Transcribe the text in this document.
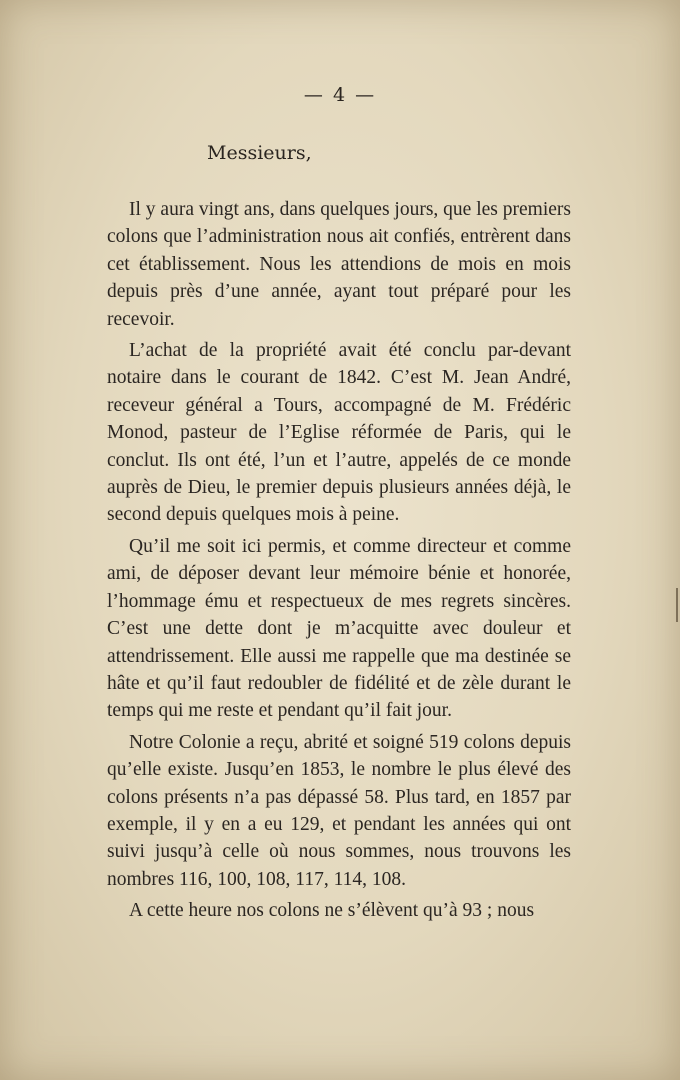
— 4 —
Messieurs,

Il y aura vingt ans, dans quelques jours, que les premiers colons que l’administration nous ait confiés, entrèrent dans cet établissement. Nous les attendions de mois en mois depuis près d’une année, ayant tout préparé pour les recevoir.

L’achat de la propriété avait été conclu par-devant notaire dans le courant de 1842. C’est M. Jean André, receveur général a Tours, accompagné de M. Frédéric Monod, pasteur de l’Eglise réformée de Paris, qui le conclut. Ils ont été, l’un et l’autre, appelés de ce monde auprès de Dieu, le premier depuis plusieurs années déjà, le second depuis quelques mois à peine.

Qu’il me soit ici permis, et comme directeur et comme ami, de déposer devant leur mémoire bénie et honorée, l’hommage ému et respectueux de mes regrets sincères. C’est une dette dont je m’acquitte avec douleur et attendrissement. Elle aussi me rappelle que ma destinée se hâte et qu’il faut redoubler de fidélité et de zèle durant le temps qui me reste et pendant qu’il fait jour.

Notre Colonie a reçu, abrité et soigné 519 colons depuis qu’elle existe. Jusqu’en 1853, le nombre le plus élevé des colons présents n’a pas dépassé 58. Plus tard, en 1857 par exemple, il y en a eu 129, et pendant les années qui ont suivi jusqu’à celle où nous sommes, nous trouvons les nombres 116, 100, 108, 117, 114, 108.

A cette heure nos colons ne s’élèvent qu’à 93 ; nous
